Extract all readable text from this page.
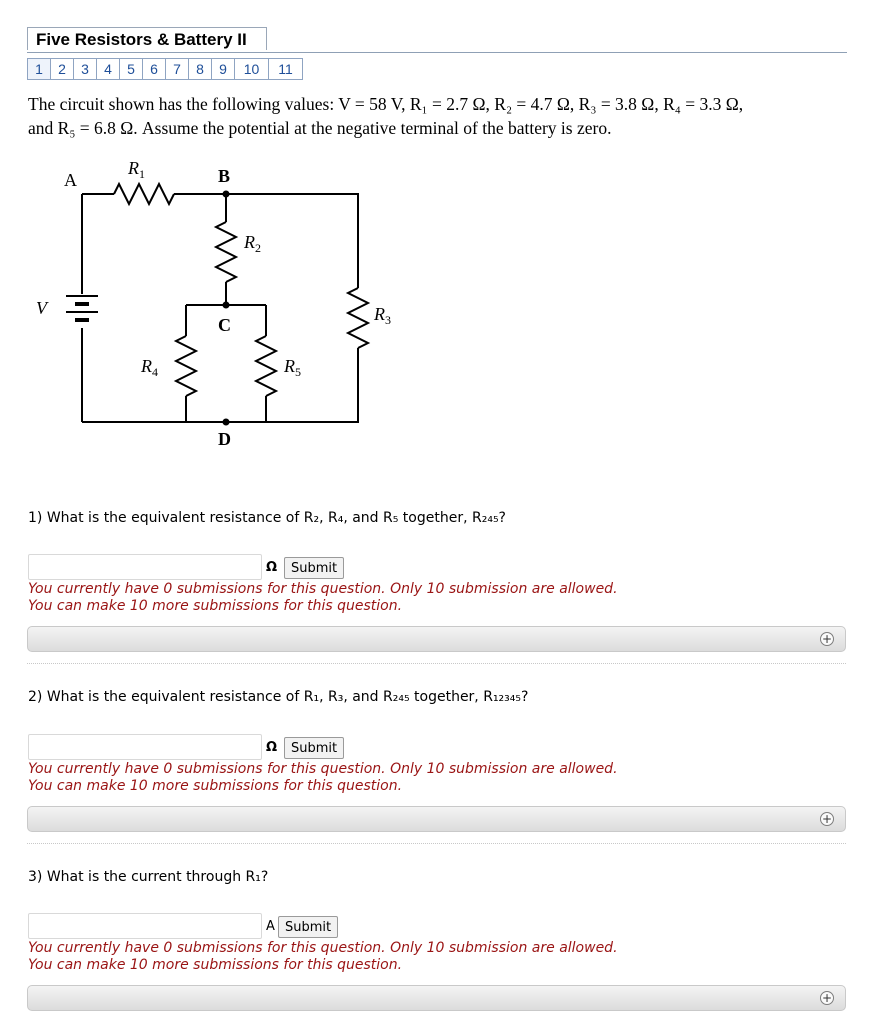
Five Resistors & Battery II
1	2	3	4	5	6	7	8	9	10	11
The circuit shown has the following values: V = 58 V, R₁ = 2.7 Ω, R₂ = 4.7 Ω, R₃ = 3.8 Ω, R₄ = 3.3 Ω,
and R₅ = 6.8 Ω. Assume the potential at the negative terminal of the battery is zero.
A	B
C
D
V
$R_1$
$R_2$
$R_3$
$R_4$	$R_5$
1) What is the equivalent resistance of R₂, R₄, and R₅ together, R₂₄₅?
Ω	Submit
You currently have 0 submissions for this question. Only 10 submission are allowed.
You can make 10 more submissions for this question.
+
2) What is the equivalent resistance of R₁, R₃, and R₂₄₅ together, R₁₂₃₄₅?
Ω	Submit
You currently have 0 submissions for this question. Only 10 submission are allowed.
You can make 10 more submissions for this question.
+
3) What is the current through R₁?
A Submit
You currently have 0 submissions for this question. Only 10 submission are allowed.
You can make 10 more submissions for this question.
+
